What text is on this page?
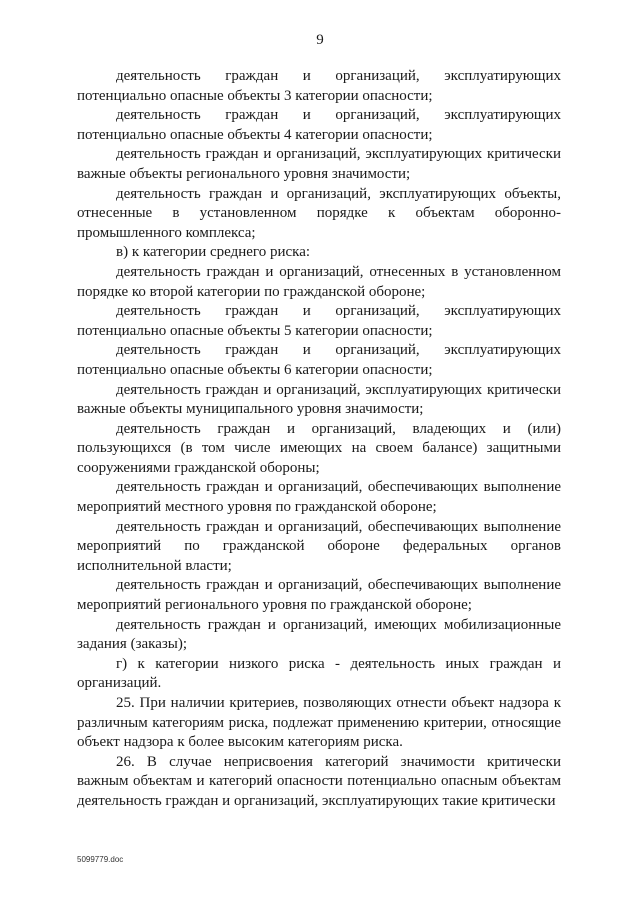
9

деятельность граждан и организаций, эксплуатирующих потенциально опасные объекты 3 категории опасности;

деятельность граждан и организаций, эксплуатирующих потенциально опасные объекты 4 категории опасности;

деятельность граждан и организаций, эксплуатирующих критически важные объекты регионального уровня значимости;

деятельность граждан и организаций, эксплуатирующих объекты, отнесенные в установленном порядке к объектам оборонно-промышленного комплекса;

в) к категории среднего риска:

деятельность граждан и организаций, отнесенных в установленном порядке ко второй категории по гражданской обороне;

деятельность граждан и организаций, эксплуатирующих потенциально опасные объекты 5 категории опасности;

деятельность граждан и организаций, эксплуатирующих потенциально опасные объекты 6 категории опасности;

деятельность граждан и организаций, эксплуатирующих критически важные объекты муниципального уровня значимости;

деятельность граждан и организаций, владеющих и (или) пользующихся (в том числе имеющих на своем балансе) защитными сооружениями гражданской обороны;

деятельность граждан и организаций, обеспечивающих выполнение мероприятий местного уровня по гражданской обороне;

деятельность граждан и организаций, обеспечивающих выполнение мероприятий по гражданской обороне федеральных органов исполнительной власти;

деятельность граждан и организаций, обеспечивающих выполнение мероприятий регионального уровня по гражданской обороне;

деятельность граждан и организаций, имеющих мобилизационные задания (заказы);

г) к категории низкого риска - деятельность иных граждан и организаций.

25. При наличии критериев, позволяющих отнести объект надзора к различным категориям риска, подлежат применению критерии, относящие объект надзора к более высоким категориям риска.

26. В случае неприсвоения категорий значимости критически важным объектам и категорий опасности потенциально опасным объектам деятельность граждан и организаций, эксплуатирующих такие критически

5099779.doc
